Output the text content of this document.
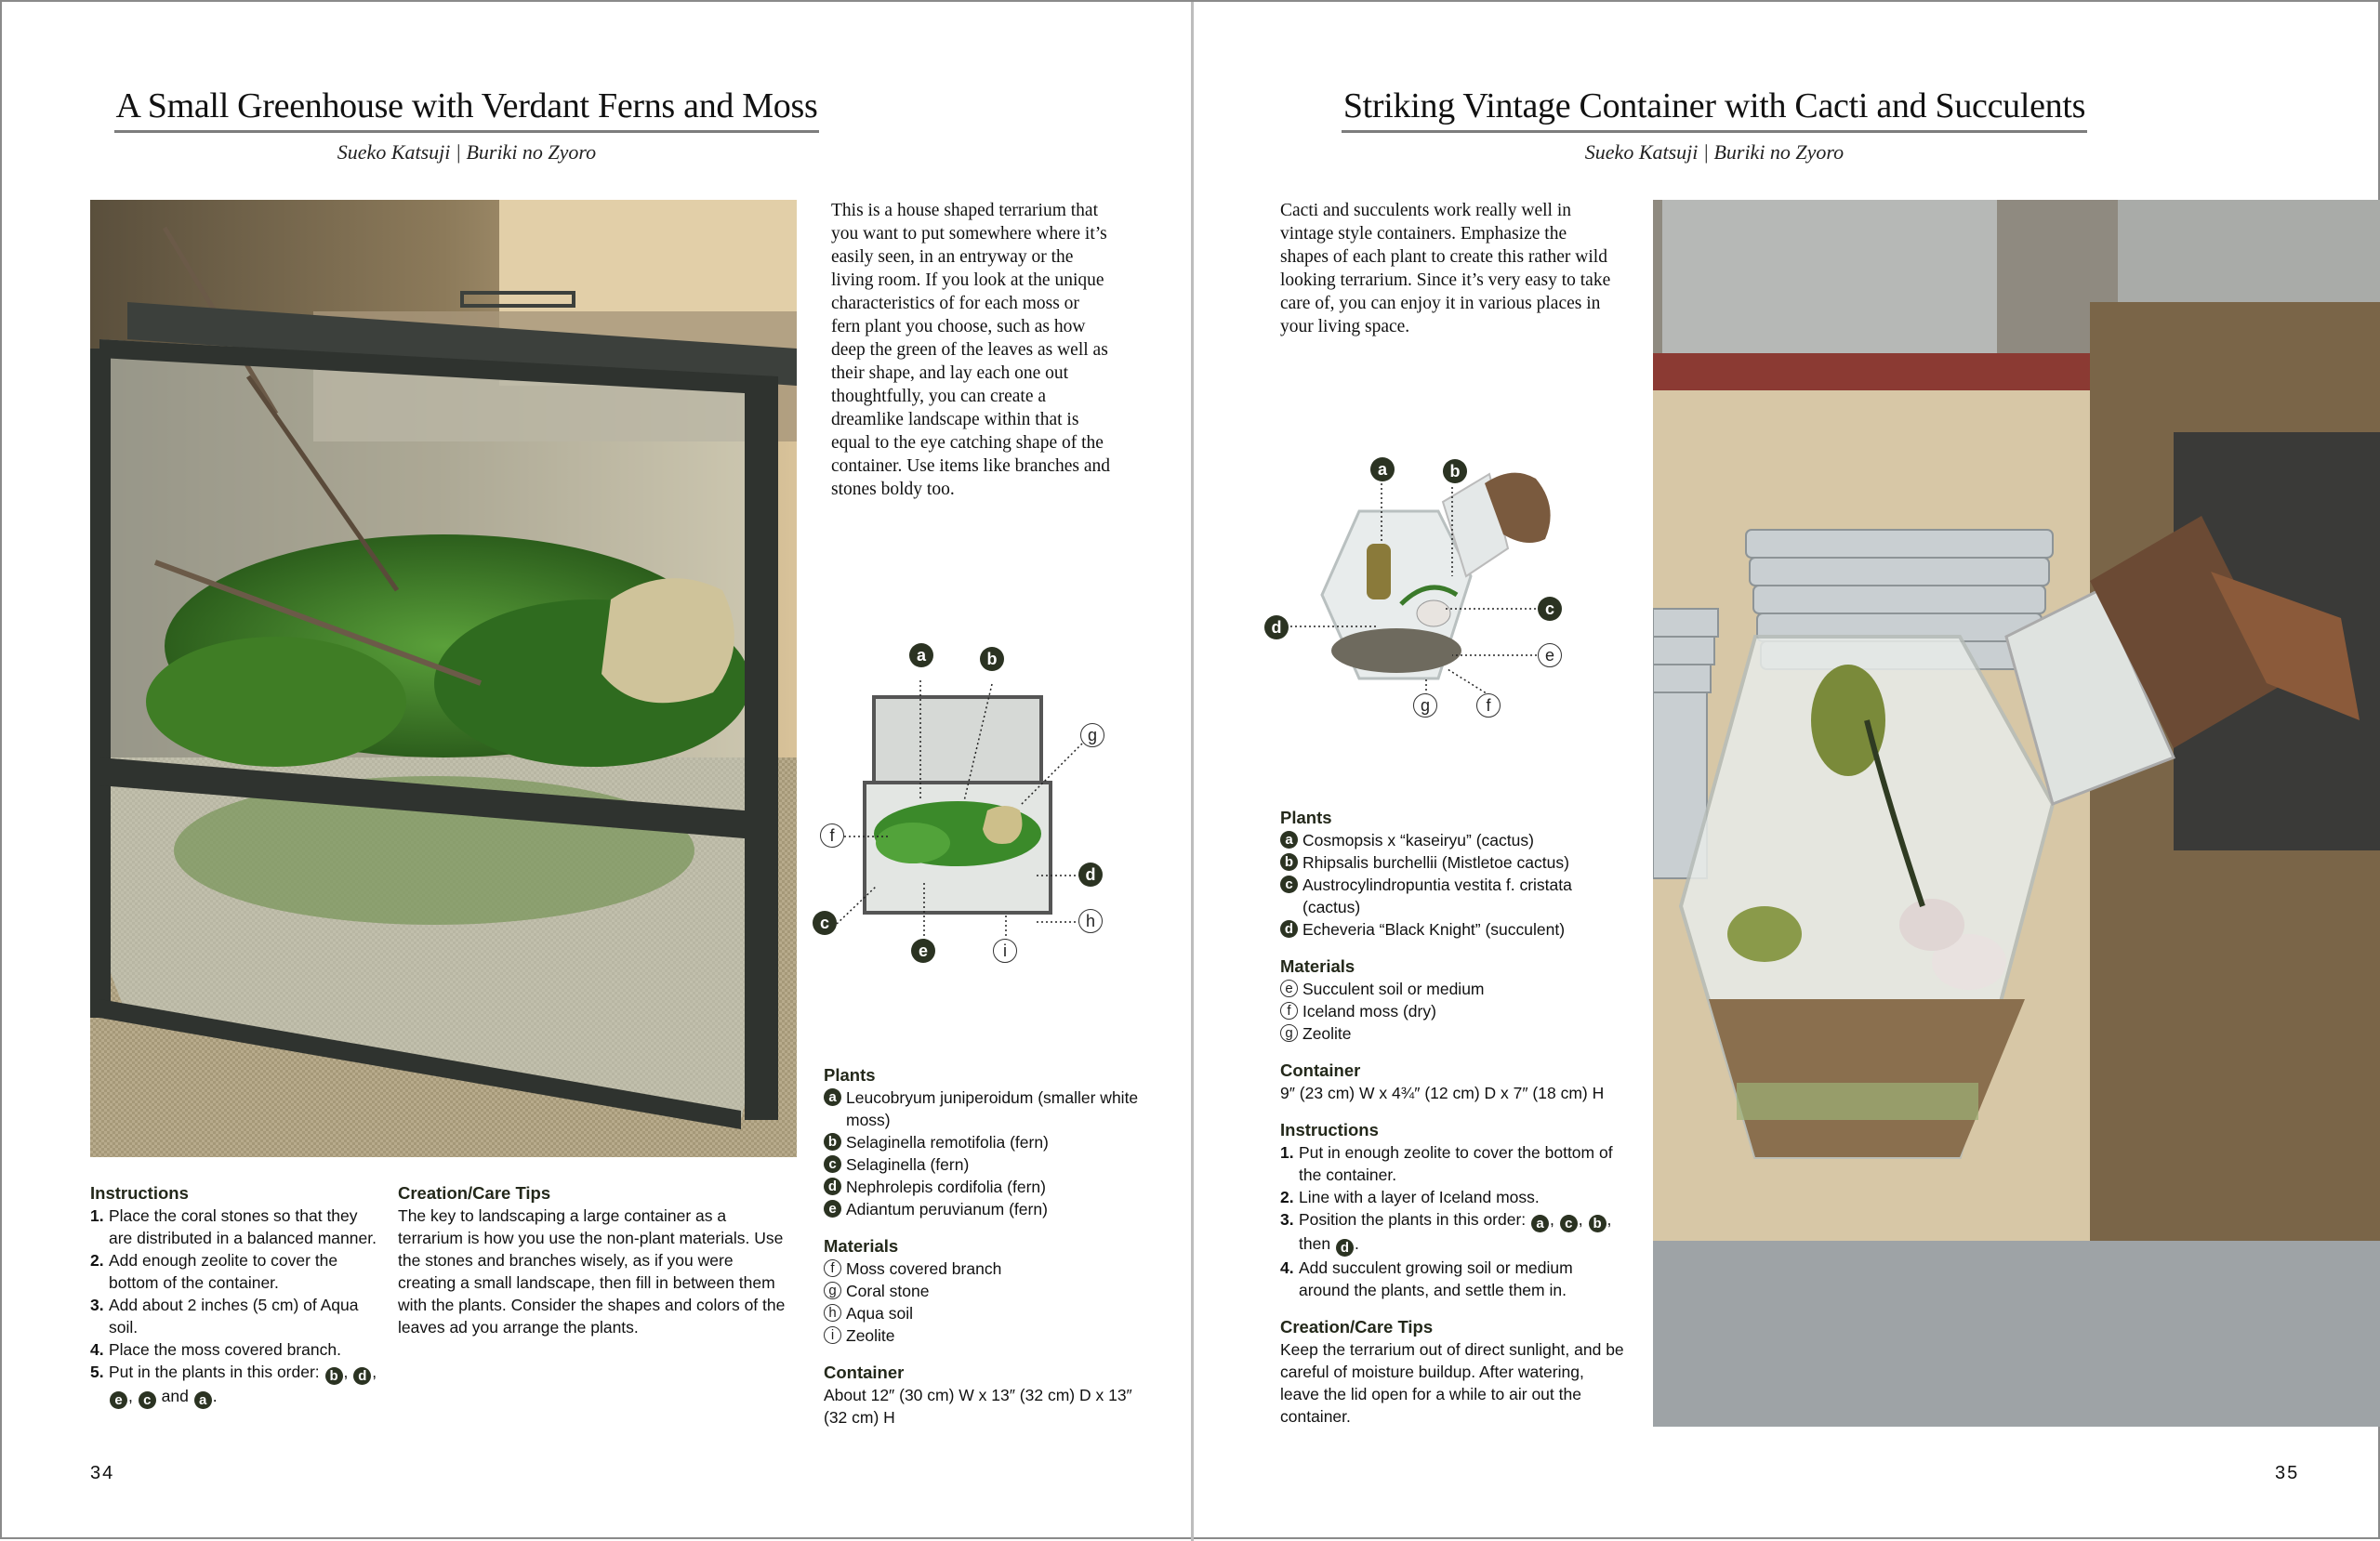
A Small Greenhouse with Verdant Ferns and Moss
Sueko Katsuji | Buriki no Zyoro
This is a house shaped terrarium that you want to put somewhere where it’s easily seen, in an entryway or the living room. If you look at the unique characteristics of for each moss or fern plant you choose, such as how deep the green of the leaves as well as their shape, and lay each one out thoughtfully, you can create a dreamlike landscape within that is equal to the eye catching shape of the container. Use items like branches and stones boldy too.
a	b
g
f
d
h
c
e	i
Plants
a Leucobryum juniperoidum (smaller white moss)
b Selaginella remotifolia (fern)
c Selaginella (fern)
d Nephrolepis cordifolia (fern)
e Adiantum peruvianum (fern)
Materials
f Moss covered branch
g Coral stone
h Aqua soil
i Zeolite
Container

About 12″ (30 cm) W x 13″ (32 cm) D x 13″ (32 cm) H

Instructions
1. Place the coral stones so that they are distributed in a balanced manner.
2. Add enough zeolite to cover the bottom of the container.
3. Add about 2 inches (5 cm) of Aqua soil.
4. Place the moss covered branch.
5. Put in the plants in this order: b , d , e , c and a .
Creation/Care Tips

The key to landscaping a large container as a terrarium is how you use the non-plant materials. Use the stones and branches wisely, as if you were creating a small landscape, then fill in between them with the plants. Consider the shapes and colors of the leaves ad you arrange the plants.

34
Striking Vintage Container with Cacti and Succulents
Sueko Katsuji | Buriki no Zyoro
Cacti and succulents work really well in vintage style containers. Emphasize the shapes of each plant to create this rather wild looking terrarium. Since it’s very easy to take care of, you can enjoy it in various places in your living space.
a	b
c
d
e
g	f
Plants
a Cosmopsis x “kaseiryu” (cactus)
b Rhipsalis burchellii (Mistletoe cactus)
c Austrocylindropuntia vestita f. cristata (cactus)
d Echeveria “Black Knight” (succulent)
Materials
e Succulent soil or medium
f Iceland moss (dry)
g Zeolite
Container

9″ (23 cm) W x 4¾″ (12 cm) D x 7″ (18 cm) H

Instructions
1. Put in enough zeolite to cover the bottom of the container.
2. Line with a layer of Iceland moss.
3. Position the plants in this order: a , c , b , then d .
4. Add succulent growing soil or medium around the plants, and settle them in.
Creation/Care Tips

Keep the terrarium out of direct sunlight, and be careful of moisture buildup. After watering, leave the lid open for a while to air out the container.

35
